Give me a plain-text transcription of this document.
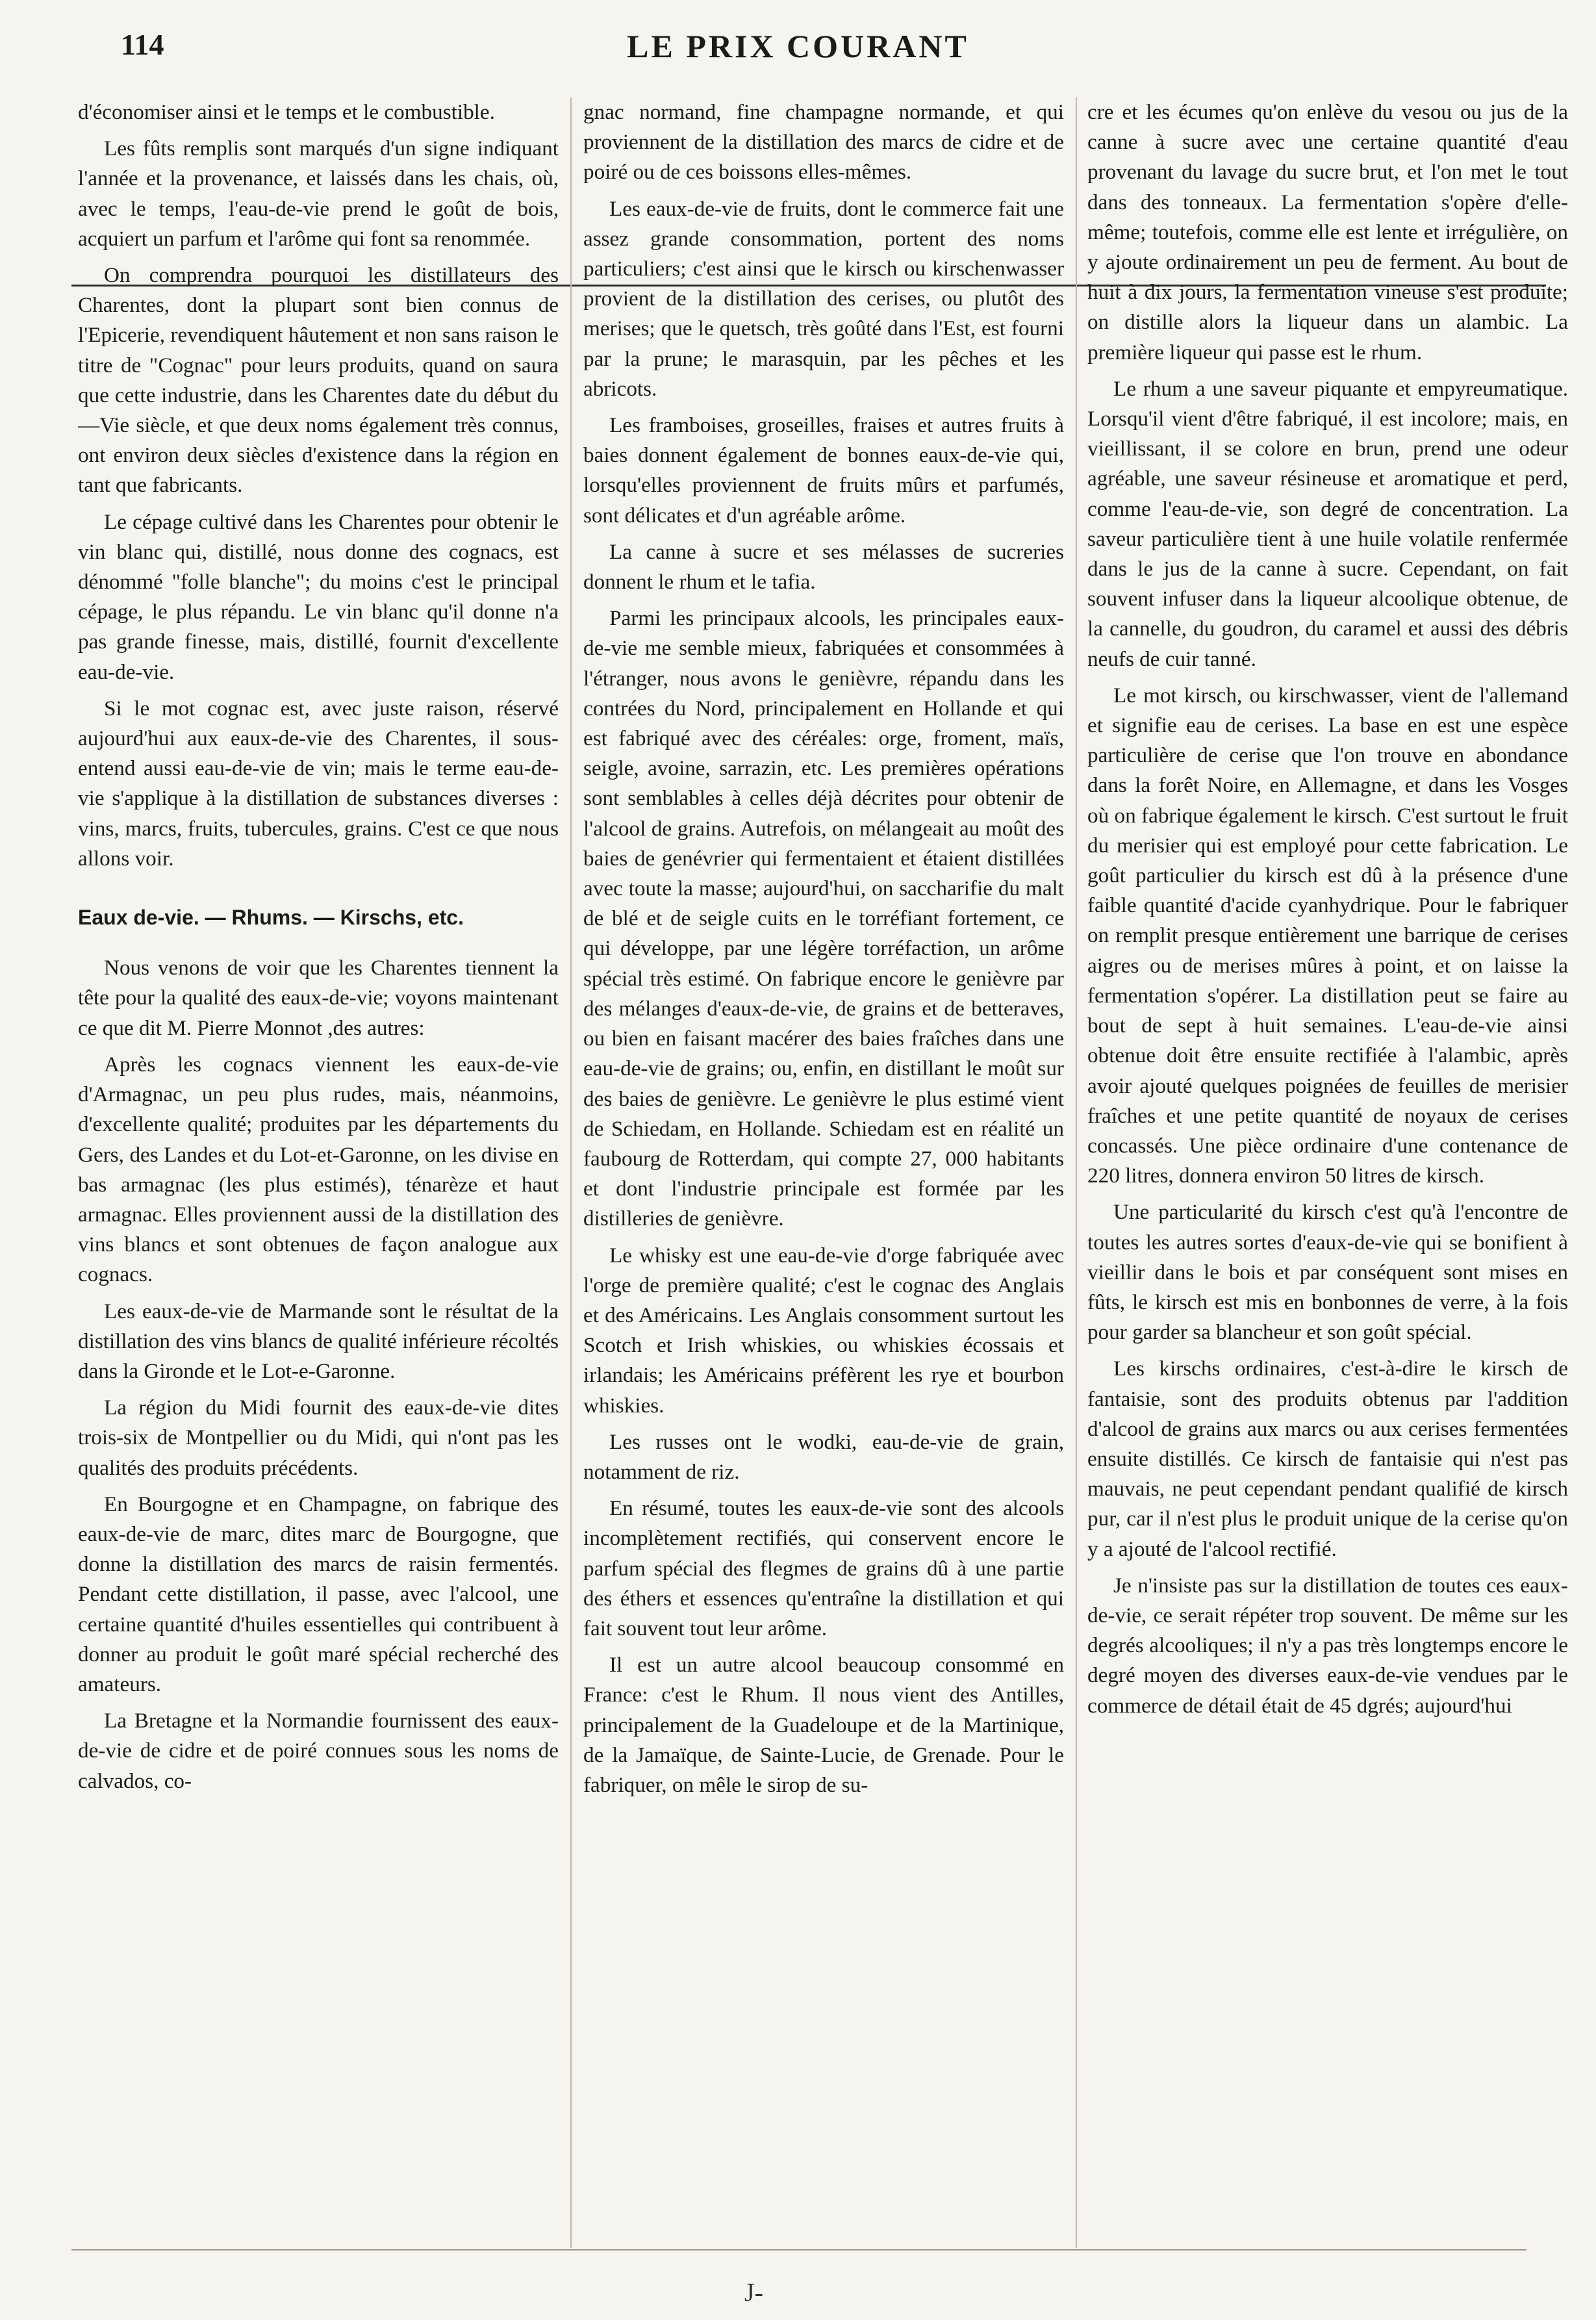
114	LE PRIX COURANT

d'économiser ainsi et le temps et le combustible.

Les fûts remplis sont marqués d'un signe indiquant l'année et la provenance, et laissés dans les chais, où, avec le temps, l'eau-de-vie prend le goût de bois, acquiert un parfum et l'arôme qui font sa renommée.

On comprendra pourquoi les distillateurs des Charentes, dont la plupart sont bien connus de l'Epicerie, revendiquent hâutement et non sans raison le titre de "Cognac" pour leurs produits, quand on saura que cette industrie, dans les Charentes date du début du —Vie siècle, et que deux noms également très connus, ont environ deux siècles d'existence dans la région en tant que fabricants.

Le cépage cultivé dans les Charentes pour obtenir le vin blanc qui, distillé, nous donne des cognacs, est dénommé "folle blanche"; du moins c'est le principal cépage, le plus répandu. Le vin blanc qu'il donne n'a pas grande finesse, mais, distillé, fournit d'excellente eau-de-vie.

Si le mot cognac est, avec juste raison, réservé aujourd'hui aux eaux-de-vie des Charentes, il sous-entend aussi eau-de-vie de vin; mais le terme eau-de-vie s'applique à la distillation de substances diverses : vins, marcs, fruits, tubercules, grains. C'est ce que nous allons voir.

Eaux de-vie. — Rhums. — Kirschs, etc.

Nous venons de voir que les Charentes tiennent la tête pour la qualité des eaux-de-vie; voyons maintenant ce que dit M. Pierre Monnot ,des autres:

Après les cognacs viennent les eaux-de-vie d'Armagnac, un peu plus rudes, mais, néanmoins, d'excellente qualité; produites par les départements du Gers, des Landes et du Lot-et-Garonne, on les divise en bas armagnac (les plus estimés), ténarèze et haut armagnac. Elles proviennent aussi de la distillation des vins blancs et sont obtenues de façon analogue aux cognacs.

Les eaux-de-vie de Marmande sont le résultat de la distillation des vins blancs de qualité inférieure récoltés dans la Gironde et le Lot-e-Garonne.

La région du Midi fournit des eaux-de-vie dites trois-six de Montpellier ou du Midi, qui n'ont pas les qualités des produits précédents.

En Bourgogne et en Champagne, on fabrique des eaux-de-vie de marc, dites marc de Bourgogne, que donne la distillation des marcs de raisin fermentés. Pendant cette distillation, il passe, avec l'alcool, une certaine quantité d'huiles essentielles qui contribuent à donner au produit le goût maré spécial recherché des amateurs.

La Bretagne et la Normandie fournissent des eaux-de-vie de cidre et de poiré connues sous les noms de calvados, co-

gnac normand, fine champagne normande, et qui proviennent de la distillation des marcs de cidre et de poiré ou de ces boissons elles-mêmes.

Les eaux-de-vie de fruits, dont le commerce fait une assez grande consommation, portent des noms particuliers; c'est ainsi que le kirsch ou kirschenwasser provient de la distillation des cerises, ou plutôt des merises; que le quetsch, très goûté dans l'Est, est fourni par la prune; le marasquin, par les pêches et les abricots.

Les framboises, groseilles, fraises et autres fruits à baies donnent également de bonnes eaux-de-vie qui, lorsqu'elles proviennent de fruits mûrs et parfumés, sont délicates et d'un agréable arôme.

La canne à sucre et ses mélasses de sucreries donnent le rhum et le tafia.

Parmi les principaux alcools, les principales eaux-de-vie me semble mieux, fabriquées et consommées à l'étranger, nous avons le genièvre, répandu dans les contrées du Nord, principalement en Hollande et qui est fabriqué avec des céréales: orge, froment, maïs, seigle, avoine, sarrazin, etc. Les premières opérations sont semblables à celles déjà décrites pour obtenir de l'alcool de grains. Autrefois, on mélangeait au moût des baies de genévrier qui fermentaient et étaient distillées avec toute la masse; aujourd'hui, on saccharifie du malt de blé et de seigle cuits en le torréfiant fortement, ce qui développe, par une légère torréfaction, un arôme spécial très estimé. On fabrique encore le genièvre par des mélanges d'eaux-de-vie, de grains et de betteraves, ou bien en faisant macérer des baies fraîches dans une eau-de-vie de grains; ou, enfin, en distillant le moût sur des baies de genièvre. Le genièvre le plus estimé vient de Schiedam, en Hollande. Schiedam est en réalité un faubourg de Rotterdam, qui compte 27, 000 habitants et dont l'industrie principale est formée par les distilleries de genièvre.

Le whisky est une eau-de-vie d'orge fabriquée avec l'orge de première qualité; c'est le cognac des Anglais et des Américains. Les Anglais consomment surtout les Scotch et Irish whiskies, ou whiskies écossais et irlandais; les Américains préfèrent les rye et bourbon whiskies.

Les russes ont le wodki, eau-de-vie de grain, notamment de riz.

En résumé, toutes les eaux-de-vie sont des alcools incomplètement rectifiés, qui conservent encore le parfum spécial des flegmes de grains dû à une partie des éthers et essences qu'entraîne la distillation et qui fait souvent tout leur arôme.

Il est un autre alcool beaucoup consommé en France: c'est le Rhum. Il nous vient des Antilles, principalement de la Guadeloupe et de la Martinique, de la Jamaïque, de Sainte-Lucie, de Grenade. Pour le fabriquer, on mêle le sirop de su-

cre et les écumes qu'on enlève du vesou ou jus de la canne à sucre avec une certaine quantité d'eau provenant du lavage du sucre brut, et l'on met le tout dans des tonneaux. La fermentation s'opère d'elle-même; toutefois, comme elle est lente et irrégulière, on y ajoute ordinairement un peu de ferment. Au bout de huit à dix jours, la fermentation vineuse s'est produite; on distille alors la liqueur dans un alambic. La première liqueur qui passe est le rhum.

Le rhum a une saveur piquante et empyreumatique. Lorsqu'il vient d'être fabriqué, il est incolore; mais, en vieillissant, il se colore en brun, prend une odeur agréable, une saveur résineuse et aromatique et perd, comme l'eau-de-vie, son degré de concentration. La saveur particulière tient à une huile volatile renfermée dans le jus de la canne à sucre. Cependant, on fait souvent infuser dans la liqueur alcoolique obtenue, de la cannelle, du goudron, du caramel et aussi des débris neufs de cuir tanné.

Le mot kirsch, ou kirschwasser, vient de l'allemand et signifie eau de cerises. La base en est une espèce particulière de cerise que l'on trouve en abondance dans la forêt Noire, en Allemagne, et dans les Vosges où on fabrique également le kirsch. C'est surtout le fruit du merisier qui est employé pour cette fabrication. Le goût particulier du kirsch est dû à la présence d'une faible quantité d'acide cyanhydrique. Pour le fabriquer on remplit presque entièrement une barrique de cerises aigres ou de merises mûres à point, et on laisse la fermentation s'opérer. La distillation peut se faire au bout de sept à huit semaines. L'eau-de-vie ainsi obtenue doit être ensuite rectifiée à l'alambic, après avoir ajouté quelques poignées de feuilles de merisier fraîches et une petite quantité de noyaux de cerises concassés. Une pièce ordinaire d'une contenance de 220 litres, donnera environ 50 litres de kirsch.

Une particularité du kirsch c'est qu'à l'encontre de toutes les autres sortes d'eaux-de-vie qui se bonifient à vieillir dans le bois et par conséquent sont mises en fûts, le kirsch est mis en bonbonnes de verre, à la fois pour garder sa blancheur et son goût spécial.

Les kirschs ordinaires, c'est-à-dire le kirsch de fantaisie, sont des produits obtenus par l'addition d'alcool de grains aux marcs ou aux cerises fermentées ensuite distillés. Ce kirsch de fantaisie qui n'est pas mauvais, ne peut cependant pendant qualifié de kirsch pur, car il n'est plus le produit unique de la cerise qu'on y a ajouté de l'alcool rectifié.

Je n'insiste pas sur la distillation de toutes ces eaux-de-vie, ce serait répéter trop souvent. De même sur les degrés alcooliques; il n'y a pas très longtemps encore le degré moyen des diverses eaux-de-vie vendues par le commerce de détail était de 45 dgrés; aujourd'hui

J-
